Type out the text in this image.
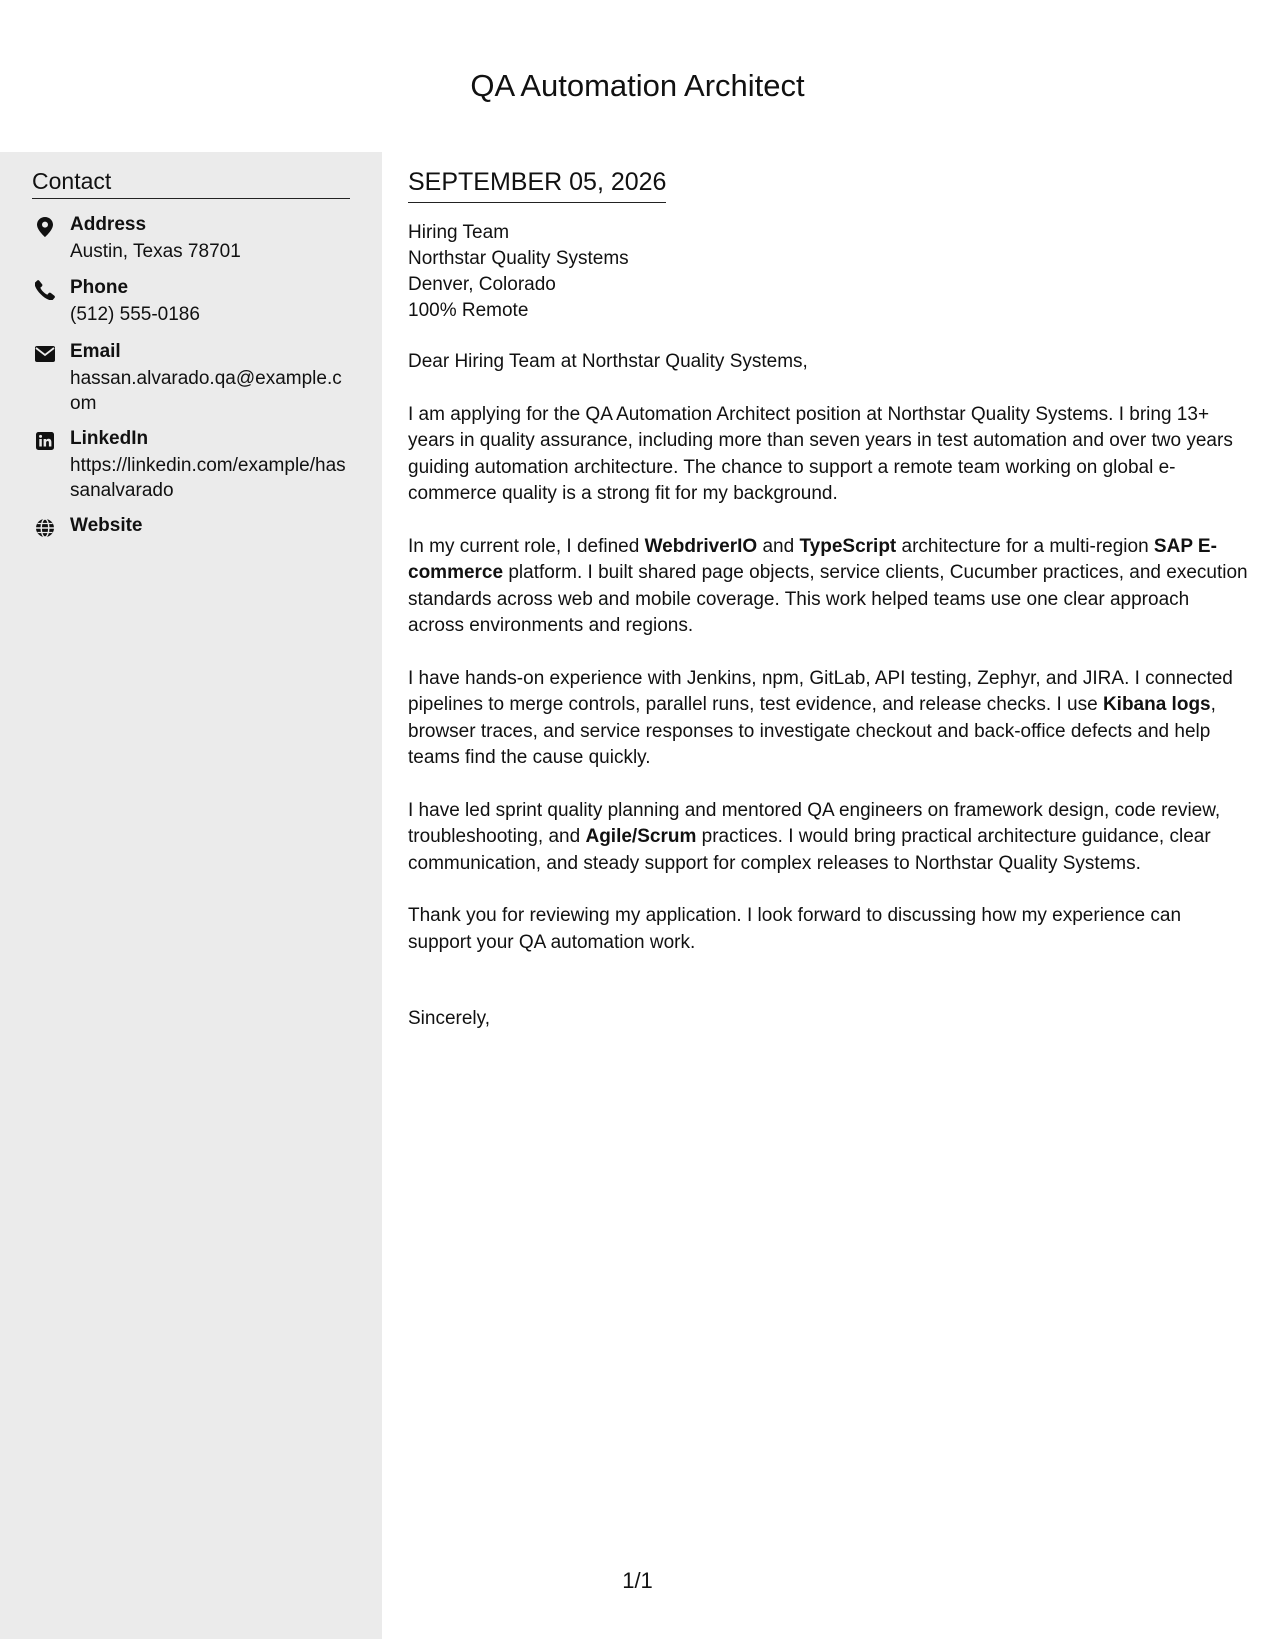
QA Automation Architect
Contact
Address
Austin, Texas 78701
Phone
(512) 555-0186
Email
hassan.alvarado.qa@example.com
LinkedIn
https://linkedin.com/example/hassanalvarado
Website
SEPTEMBER 05, 2026
Hiring Team
Northstar Quality Systems
Denver, Colorado
100% Remote

Dear Hiring Team at Northstar Quality Systems,

I am applying for the QA Automation Architect position at Northstar Quality Systems. I bring 13+ years in quality assurance, including more than seven years in test automation and over two years guiding automation architecture. The chance to support a remote team working on global e-commerce quality is a strong fit for my background.

In my current role, I defined WebdriverIO and TypeScript architecture for a multi-region SAP E-commerce platform. I built shared page objects, service clients, Cucumber practices, and execution standards across web and mobile coverage. This work helped teams use one clear approach across environments and regions.

I have hands-on experience with Jenkins, npm, GitLab, API testing, Zephyr, and JIRA. I connected pipelines to merge controls, parallel runs, test evidence, and release checks. I use Kibana logs, browser traces, and service responses to investigate checkout and back-office defects and help teams find the cause quickly.

I have led sprint quality planning and mentored QA engineers on framework design, code review, troubleshooting, and Agile/Scrum practices. I would bring practical architecture guidance, clear communication, and steady support for complex releases to Northstar Quality Systems.

Thank you for reviewing my application. I look forward to discussing how my experience can support your QA automation work.

Sincerely,

1/1
